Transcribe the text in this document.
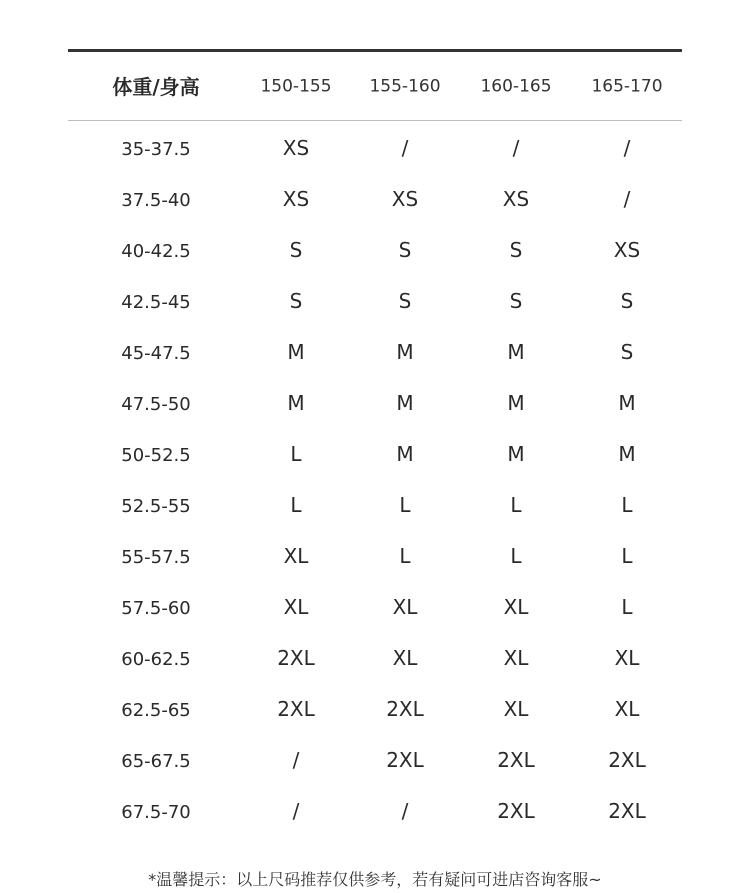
体重/身高	150-155	155-160	160-165	165-170
35-37.5	XS	/	/	/
37.5-40	XS	XS	XS	/
40-42.5	S	S	S	XS
42.5-45	S	S	S	S
45-47.5	M	M	M	S
47.5-50	M	M	M	M
50-52.5	L	M	M	M
52.5-55	L	L	L	L
55-57.5	XL	L	L	L
57.5-60	XL	XL	XL	L
60-62.5	2XL	XL	XL	XL
62.5-65	2XL	2XL	XL	XL
65-67.5	/	2XL	2XL	2XL
67.5-70	/	/	2XL	2XL
*温馨提示：以上尺码推荐仅供参考，若有疑问可进店咨询客服~
